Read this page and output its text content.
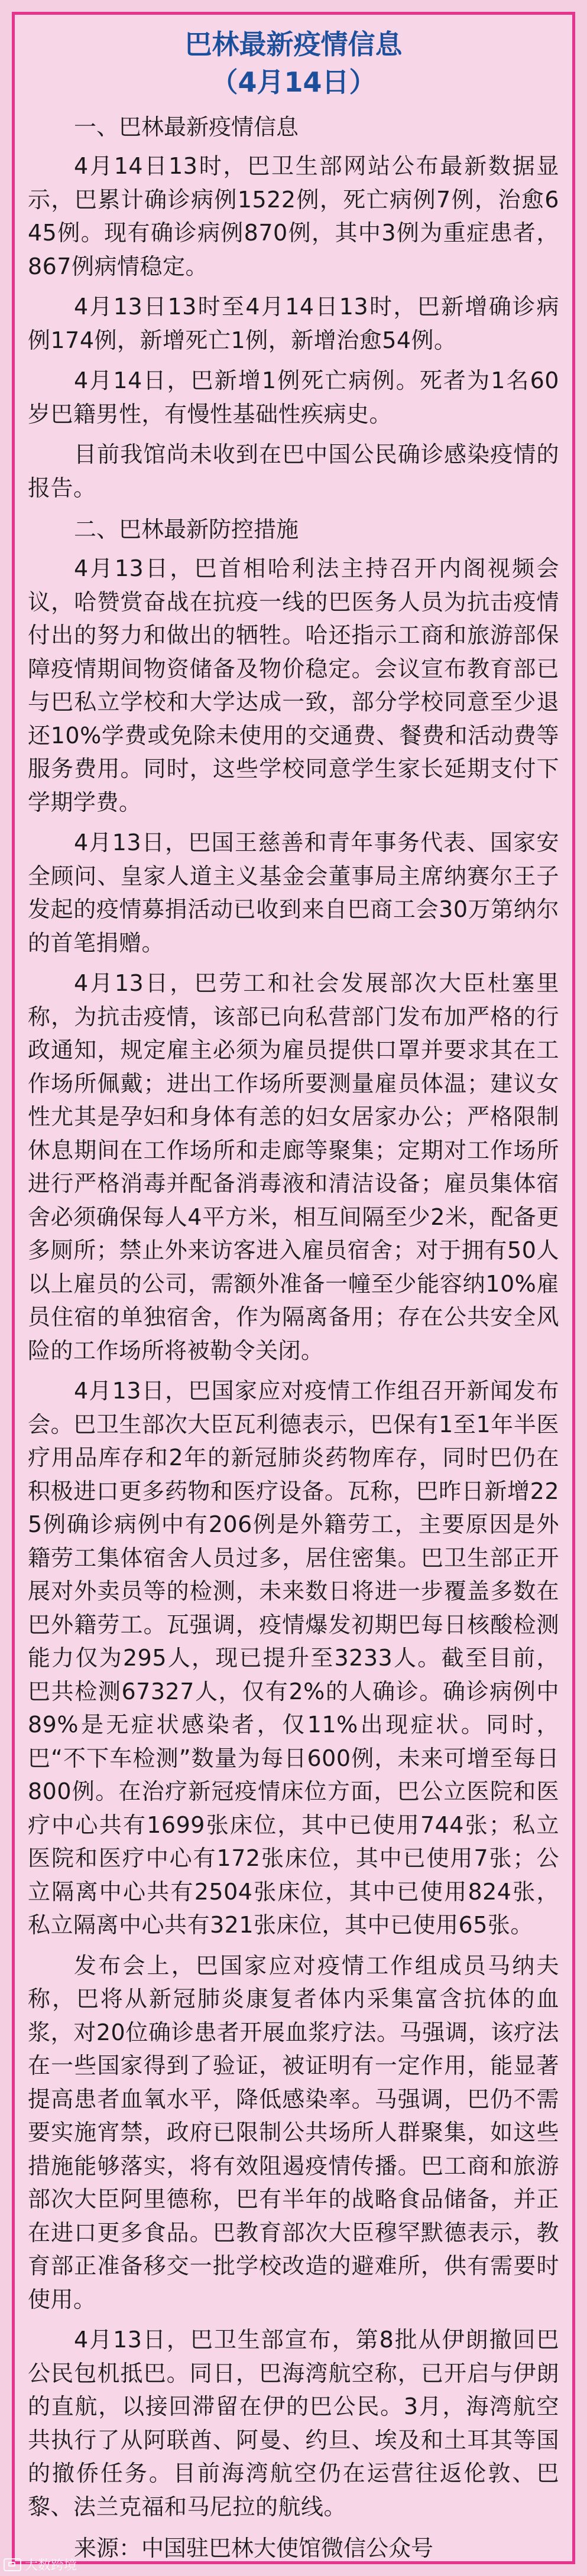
巴林最新疫情信息
（4月14日）

一、巴林最新疫情信息

4月14日13时，巴卫生部网站公布最新数据显示，巴累计确诊病例1522例，死亡病例7例，治愈645例。现有确诊病例870例，其中3例为重症患者，867例病情稳定。

4月13日13时至4月14日13时，巴新增确诊病例174例，新增死亡1例，新增治愈54例。

4月14日，巴新增1例死亡病例。死者为1名60岁巴籍男性，有慢性基础性疾病史。

目前我馆尚未收到在巴中国公民确诊感染疫情的报告。

二、巴林最新防控措施

4月13日，巴首相哈利法主持召开内阁视频会议，哈赞赏奋战在抗疫一线的巴医务人员为抗击疫情付出的努力和做出的牺牲。哈还指示工商和旅游部保障疫情期间物资储备及物价稳定。会议宣布教育部已与巴私立学校和大学达成一致，部分学校同意至少退还10%学费或免除未使用的交通费、餐费和活动费等服务费用。同时，这些学校同意学生家长延期支付下学期学费。

4月13日，巴国王慈善和青年事务代表、国家安全顾问、皇家人道主义基金会董事局主席纳赛尔王子发起的疫情募捐活动已收到来自巴商工会30万第纳尔的首笔捐赠。

4月13日，巴劳工和社会发展部次大臣杜塞里称，为抗击疫情，该部已向私营部门发布加严格的行政通知，规定雇主必须为雇员提供口罩并要求其在工作场所佩戴；进出工作场所要测量雇员体温；建议女性尤其是孕妇和身体有恙的妇女居家办公；严格限制休息期间在工作场所和走廊等聚集；定期对工作场所进行严格消毒并配备消毒液和清洁设备；雇员集体宿舍必须确保每人4平方米，相互间隔至少2米，配备更多厕所；禁止外来访客进入雇员宿舍；对于拥有50人以上雇员的公司，需额外准备一幢至少能容纳10%雇员住宿的单独宿舍，作为隔离备用；存在公共安全风险的工作场所将被勒令关闭。

4月13日，巴国家应对疫情工作组召开新闻发布会。巴卫生部次大臣瓦利德表示，巴保有1至1年半医疗用品库存和2年的新冠肺炎药物库存，同时巴仍在积极进口更多药物和医疗设备。瓦称，巴昨日新增225例确诊病例中有206例是外籍劳工，主要原因是外籍劳工集体宿舍人员过多，居住密集。巴卫生部正开展对外卖员等的检测，未来数日将进一步覆盖多数在巴外籍劳工。瓦强调，疫情爆发初期巴每日核酸检测能力仅为295人，现已提升至3233人。截至目前，巴共检测67327人，仅有2%的人确诊。确诊病例中89%是无症状感染者，仅11%出现症状。同时，巴“不下车检测”数量为每日600例，未来可增至每日800例。在治疗新冠疫情床位方面，巴公立医院和医疗中心共有1699张床位，其中已使用744张；私立医院和医疗中心有172张床位，其中已使用7张；公立隔离中心共有2504张床位，其中已使用824张，私立隔离中心共有321张床位，其中已使用65张。

发布会上，巴国家应对疫情工作组成员马纳夫称，巴将从新冠肺炎康复者体内采集富含抗体的血浆，对20位确诊患者开展血浆疗法。马强调，该疗法在一些国家得到了验证，被证明有一定作用，能显著提高患者血氧水平，降低感染率。马强调，巴仍不需要实施宵禁，政府已限制公共场所人群聚集，如这些措施能够落实，将有效阻遏疫情传播。巴工商和旅游部次大臣阿里德称，巴有半年的战略食品储备，并正在进口更多食品。巴教育部次大臣穆罕默德表示，教育部正准备移交一批学校改造的避难所，供有需要时使用。

4月13日，巴卫生部宣布，第8批从伊朗撤回巴公民包机抵巴。同日，巴海湾航空称，已开启与伊朗的直航，以接回滞留在伊的巴公民。3月，海湾航空共执行了从阿联酋、阿曼、约旦、埃及和土耳其等国的撤侨任务。目前海湾航空仍在运营往返伦敦、巴黎、法兰克福和马尼拉的航线。

来源：中国驻巴林大使馆微信公众号

大数跨境
